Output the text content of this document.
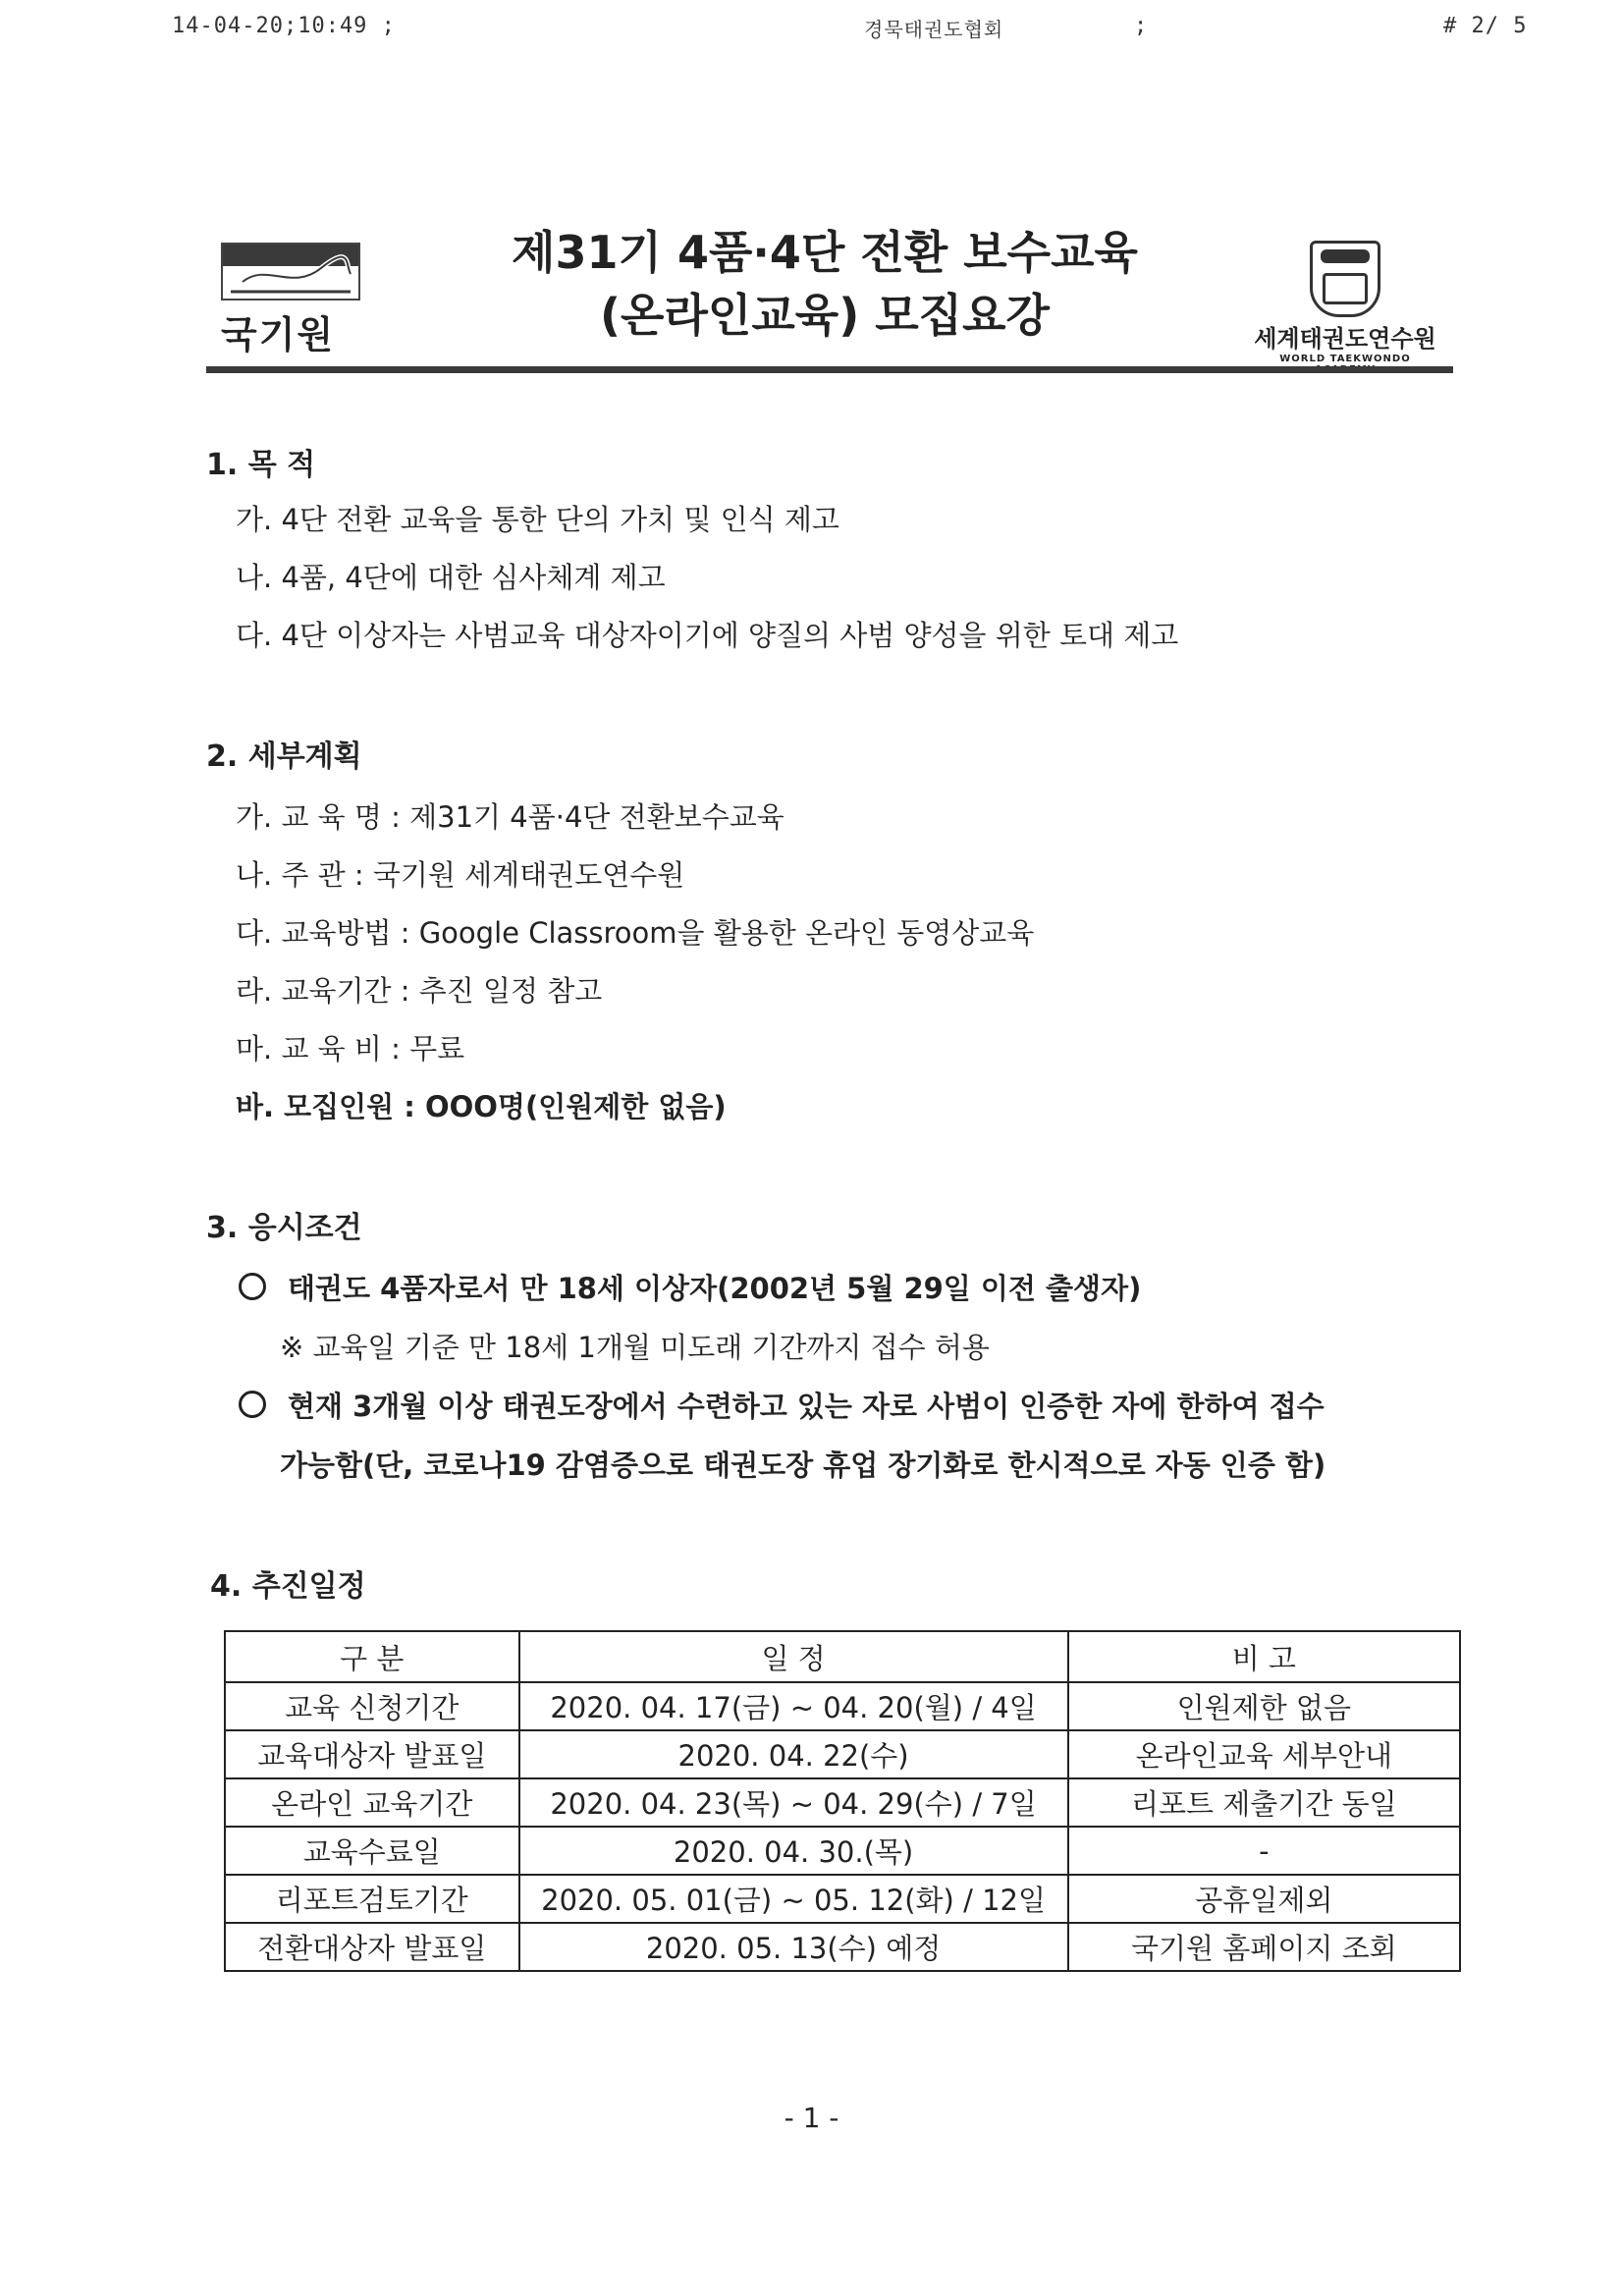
14-04-20;10:49 ;	경묵태권도협회	;	# 2/ 5
국기원
제31기 4품·4단 전환 보수교육
(온라인교육) 모집요강	세계태권도연수원
WORLD TAEKWONDO
1. 목 적
가. 4단 전환 교육을 통한 단의 가치 및 인식 제고
나. 4품, 4단에 대한 심사체계 제고
다. 4단 이상자는 사범교육 대상자이기에 양질의 사범 양성을 위한 토대 제고
2. 세부계획
가. 교 육 명 : 제31기 4품·4단 전환보수교육
나. 주 관 : 국기원 세계태권도연수원
다. 교육방법 : Google Classroom을 활용한 온라인 동영상교육
라. 교육기간 : 추진 일정 참고
마. 교 육 비 : 무료
바. 모집인원 : OOO명(인원제한 없음)
3. 응시조건
태권도 4품자로서 만 18세 이상자(2002년 5월 29일 이전 출생자)
※ 교육일 기준 만 18세 1개월 미도래 기간까지 접수 허용
현재 3개월 이상 태권도장에서 수련하고 있는 자로 사범이 인증한 자에 한하여 접수
가능함(단, 코로나19 감염증으로 태권도장 휴업 장기화로 한시적으로 자동 인증 함)
4. 추진일정
구 분	일 정	비 고
교육 신청기간	2020. 04. 17(금) ~ 04. 20(월) / 4일	인원제한 없음
교육대상자 발표일	2020. 04. 22(수)	온라인교육 세부안내
온라인 교육기간	2020. 04. 23(목) ~ 04. 29(수) / 7일	리포트 제출기간 동일
교육수료일	2020. 04. 30.(목)	-
리포트검토기간	2020. 05. 01(금) ~ 05. 12(화) / 12일	공휴일제외
전환대상자 발표일	2020. 05. 13(수) 예정	국기원 홈페이지 조회
- 1 -
